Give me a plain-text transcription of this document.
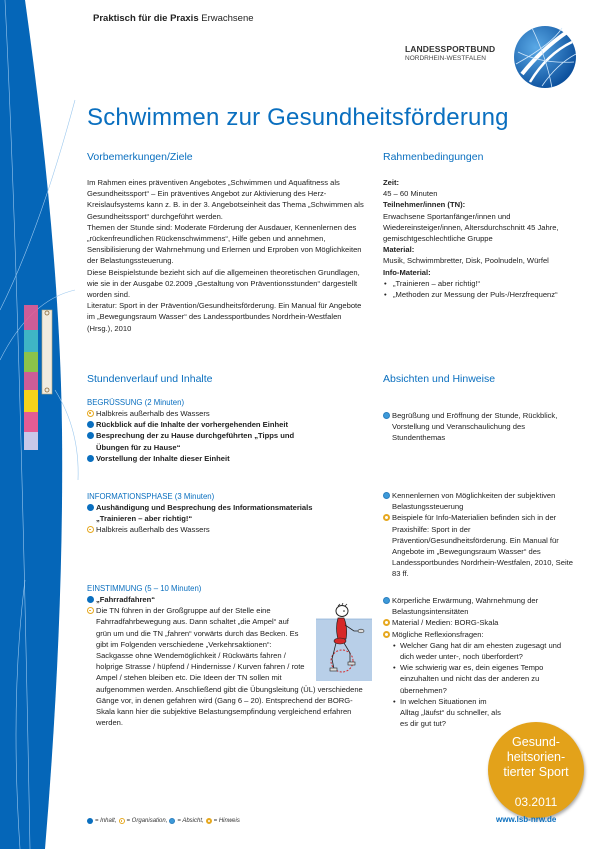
Praktisch für die Praxis Erwachsene
LANDESSPORTBUND
NORDRHEIN-WESTFALEN
Schwimmen zur Gesundheitsförderung
Vorbemerkungen/Ziele

Im Rahmen eines präventiven Angebotes „Schwimmen und Aquafitness als Gesundheitssport“ – Ein präventives Angebot zur Aktivierung des Herz-Kreislaufsystems kann z. B. in der 3. Angebotseinheit das Thema „Schwimmen als Gesundheitssport“ durchgeführt werden.

Themen der Stunde sind: Moderate Förderung der Ausdauer, Kennenlernen des „rückenfreundlichen Rückenschwimmens“, Hilfe geben und annehmen, Sensibilisierung der Wahrnehmung und Erlernen und Erproben von Möglichkeiten der Belastungssteuerung.

Diese Beispielstunde bezieht sich auf die allgemeinen theoretischen Grundlagen, wie sie in der Ausgabe 02.2009 „Gestaltung von Präventionsstunden“ dargestellt worden sind.

Literatur: Sport in der Prävention/Gesundheitsförderung. Ein Manual für Angebote im „Bewegungsraum Wasser“ des Landessportbundes Nordrhein-Westfalen (Hrsg.), 2010

Rahmenbedingungen
Zeit:
45 – 60 Minuten
Teilnehmer/innen (TN):
Erwachsene Sportanfänger/innen und Wiedereinsteiger/innen, Altersdurchschnitt 45 Jahre, gemischtgeschlechtliche Gruppe
Material:
Musik, Schwimmbretter, Disk, Poolnudeln, Würfel
Info-Material:
• „Trainieren – aber richtig!“
• „Methoden zur Messung der Puls-/Herzfrequenz“
Stundenverlauf und Inhalte
BEGRÜSSUNG (2 Minuten)
Halbkreis außerhalb des Wassers
Rückblick auf die Inhalte der vorhergehenden Einheit
Besprechung der zu Hause durchgeführten „Tipps und Übungen für zu Hause“
Vorstellung der Inhalte dieser Einheit
INFORMATIONSPHASE (3 Minuten)
Aushändigung und Besprechung des Informationsmaterials „Trainieren – aber richtig!“
Halbkreis außerhalb des Wassers
EINSTIMMUNG (5 – 10 Minuten)
„Fahrradfahren“
Die TN führen in der Großgruppe auf der Stelle eine Fahrradfahrbewegung aus. Dann schaltet „die Ampel“ auf grün um und die TN „fahren“ vorwärts durch das Becken. Es gibt im Folgenden verschiedene „Verkehrsaktionen“: Sackgasse ohne Wendemöglichkeit / Rückwärts fahren / holprige Strasse / hüpfend / Hindernisse / Kurven fahren / rote Ampel / stehen bleiben etc. Die Ideen der TN sollen mit aufgenommen werden. Anschließend gibt die Übungsleitung (ÜL) verschiedene Gänge vor, in denen gefahren wird (Gang 6 – 20). Entsprechend der BORG-Skala kann hier die subjektive Belastungsempfindung vergleichend erfahren werden.
Absichten und Hinweise
Begrüßung und Eröffnung der Stunde, Rückblick, Vorstellung und Veranschaulichung des Stundenthemas
Kennenlernen von Möglichkeiten der subjektiven Belastungssteuerung
Beispiele für Info-Materialien befinden sich in der Praxishilfe: Sport in der Prävention/Gesundheitsförderung. Ein Manual für Angebote im „Bewegungsraum Wasser“ des Landessportbundes Nordrhein-Westfalen, 2010, Seite 83 ff.
Körperliche Erwärmung, Wahrnehmung der Belastungsintensitäten
Material / Medien: BORG-Skala
Mögliche Reflexionsfragen:
• Welcher Gang hat dir am ehesten zugesagt und dich weder unter-, noch überfordert?
• Wie schwierig war es, dein eigenes Tempo einzuhalten und nicht das der anderen zu übernehmen?
• In welchen Situationen im Alltag „läufst“ du schneller, als es dir gut tut?
Gesund-
heitsorien-
tierter Sport
03.2011
= Inhalt, = Organisation, = Absicht, = Hinweis	www.lsb-nrw.de
